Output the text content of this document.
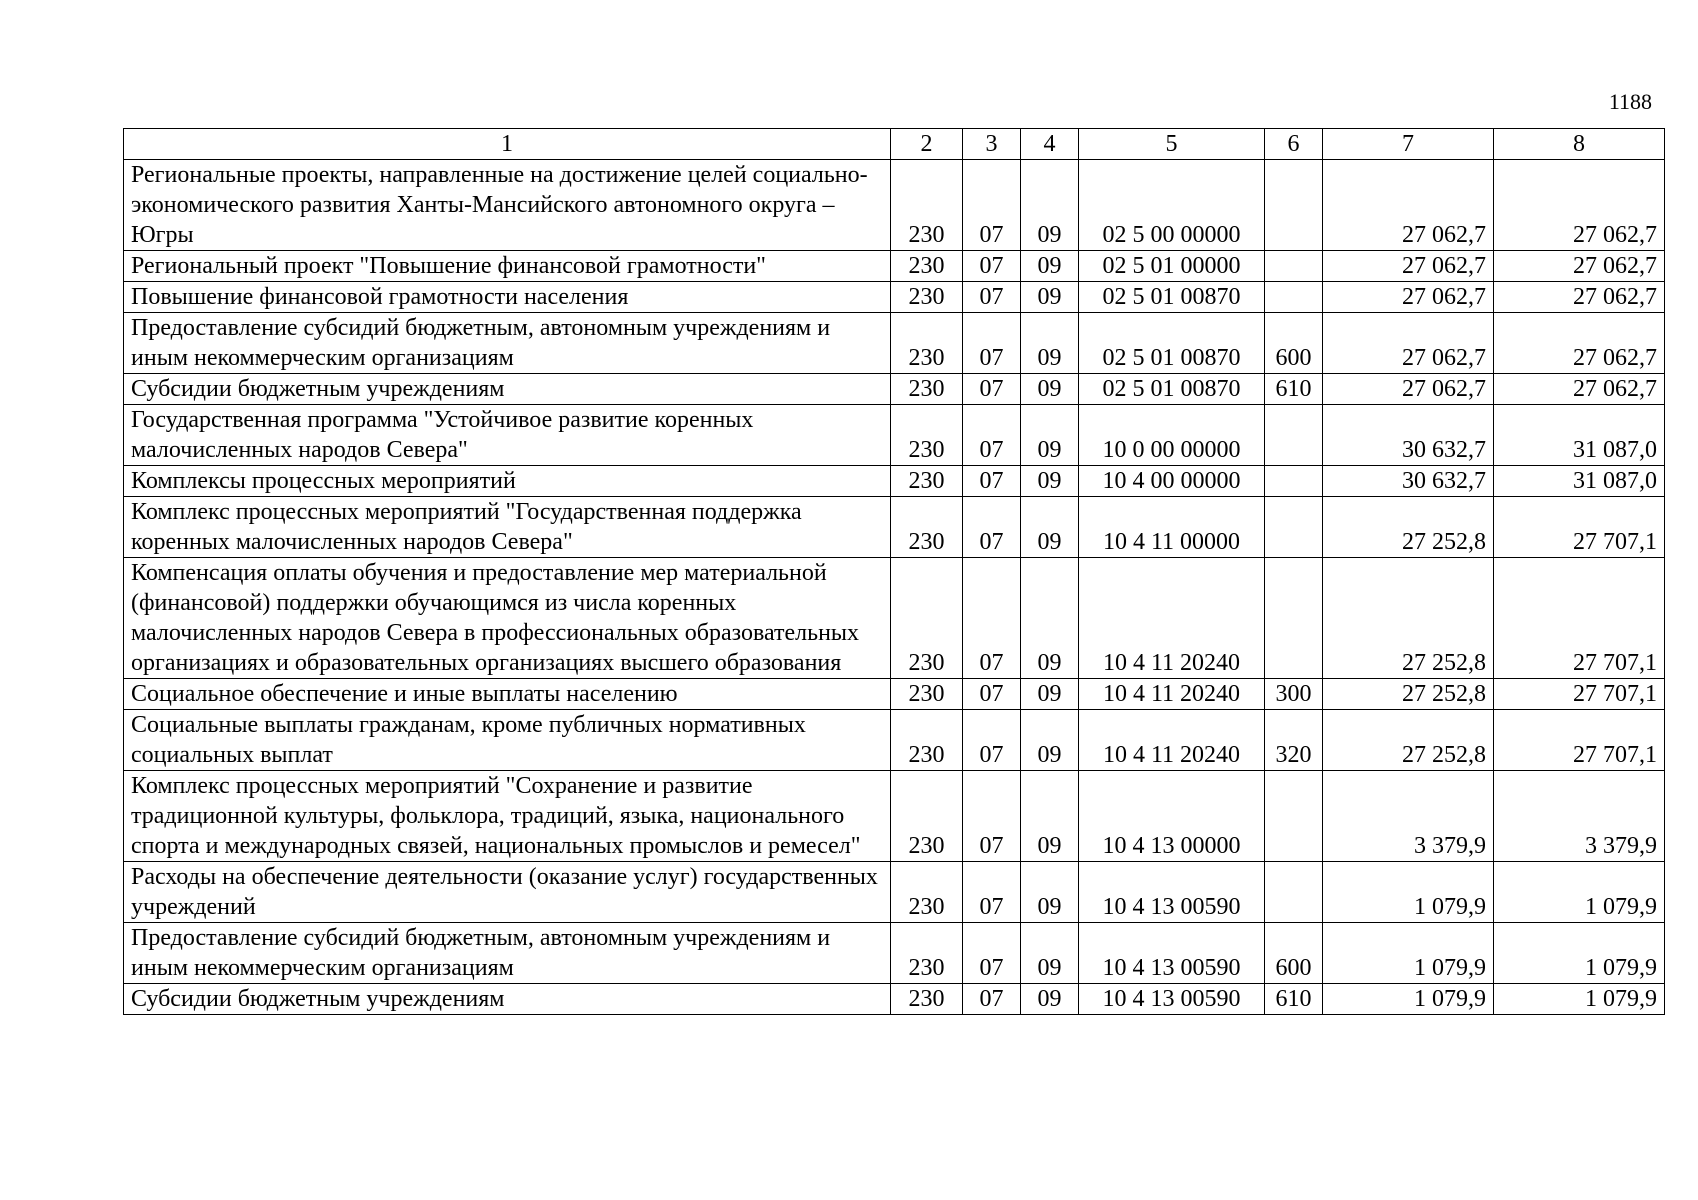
1188
1	2	3	4	5	6	7	8
Региональные проекты, направленные на достижение целей социально-экономического развития Ханты-Мансийского автономного округа – Югры	230	07	09	02 5 00 00000		27 062,7	27 062,7
Региональный проект "Повышение финансовой грамотности"	230	07	09	02 5 01 00000		27 062,7	27 062,7
Повышение финансовой грамотности населения	230	07	09	02 5 01 00870		27 062,7	27 062,7
Предоставление субсидий бюджетным, автономным учреждениям и иным некоммерческим организациям	230	07	09	02 5 01 00870	600	27 062,7	27 062,7
Субсидии бюджетным учреждениям	230	07	09	02 5 01 00870	610	27 062,7	27 062,7
Государственная программа "Устойчивое развитие коренных малочисленных народов Севера"	230	07	09	10 0 00 00000		30 632,7	31 087,0
Комплексы процессных мероприятий	230	07	09	10 4 00 00000		30 632,7	31 087,0
Комплекс процессных мероприятий "Государственная поддержка коренных малочисленных народов Севера"	230	07	09	10 4 11 00000		27 252,8	27 707,1
Компенсация оплаты обучения и предоставление мер материальной (финансовой) поддержки обучающимся из числа коренных малочисленных народов Севера в профессиональных образовательных организациях и образовательных организациях высшего образования	230	07	09	10 4 11 20240		27 252,8	27 707,1
Социальное обеспечение и иные выплаты населению	230	07	09	10 4 11 20240	300	27 252,8	27 707,1
Социальные выплаты гражданам, кроме публичных нормативных социальных выплат	230	07	09	10 4 11 20240	320	27 252,8	27 707,1
Комплекс процессных мероприятий "Сохранение и развитие традиционной культуры, фольклора, традиций, языка, национального спорта и международных связей, национальных промыслов и ремесел"	230	07	09	10 4 13 00000		3 379,9	3 379,9
Расходы на обеспечение деятельности (оказание услуг) государственных учреждений	230	07	09	10 4 13 00590		1 079,9	1 079,9
Предоставление субсидий бюджетным, автономным учреждениям и иным некоммерческим организациям	230	07	09	10 4 13 00590	600	1 079,9	1 079,9
Субсидии бюджетным учреждениям	230	07	09	10 4 13 00590	610	1 079,9	1 079,9
